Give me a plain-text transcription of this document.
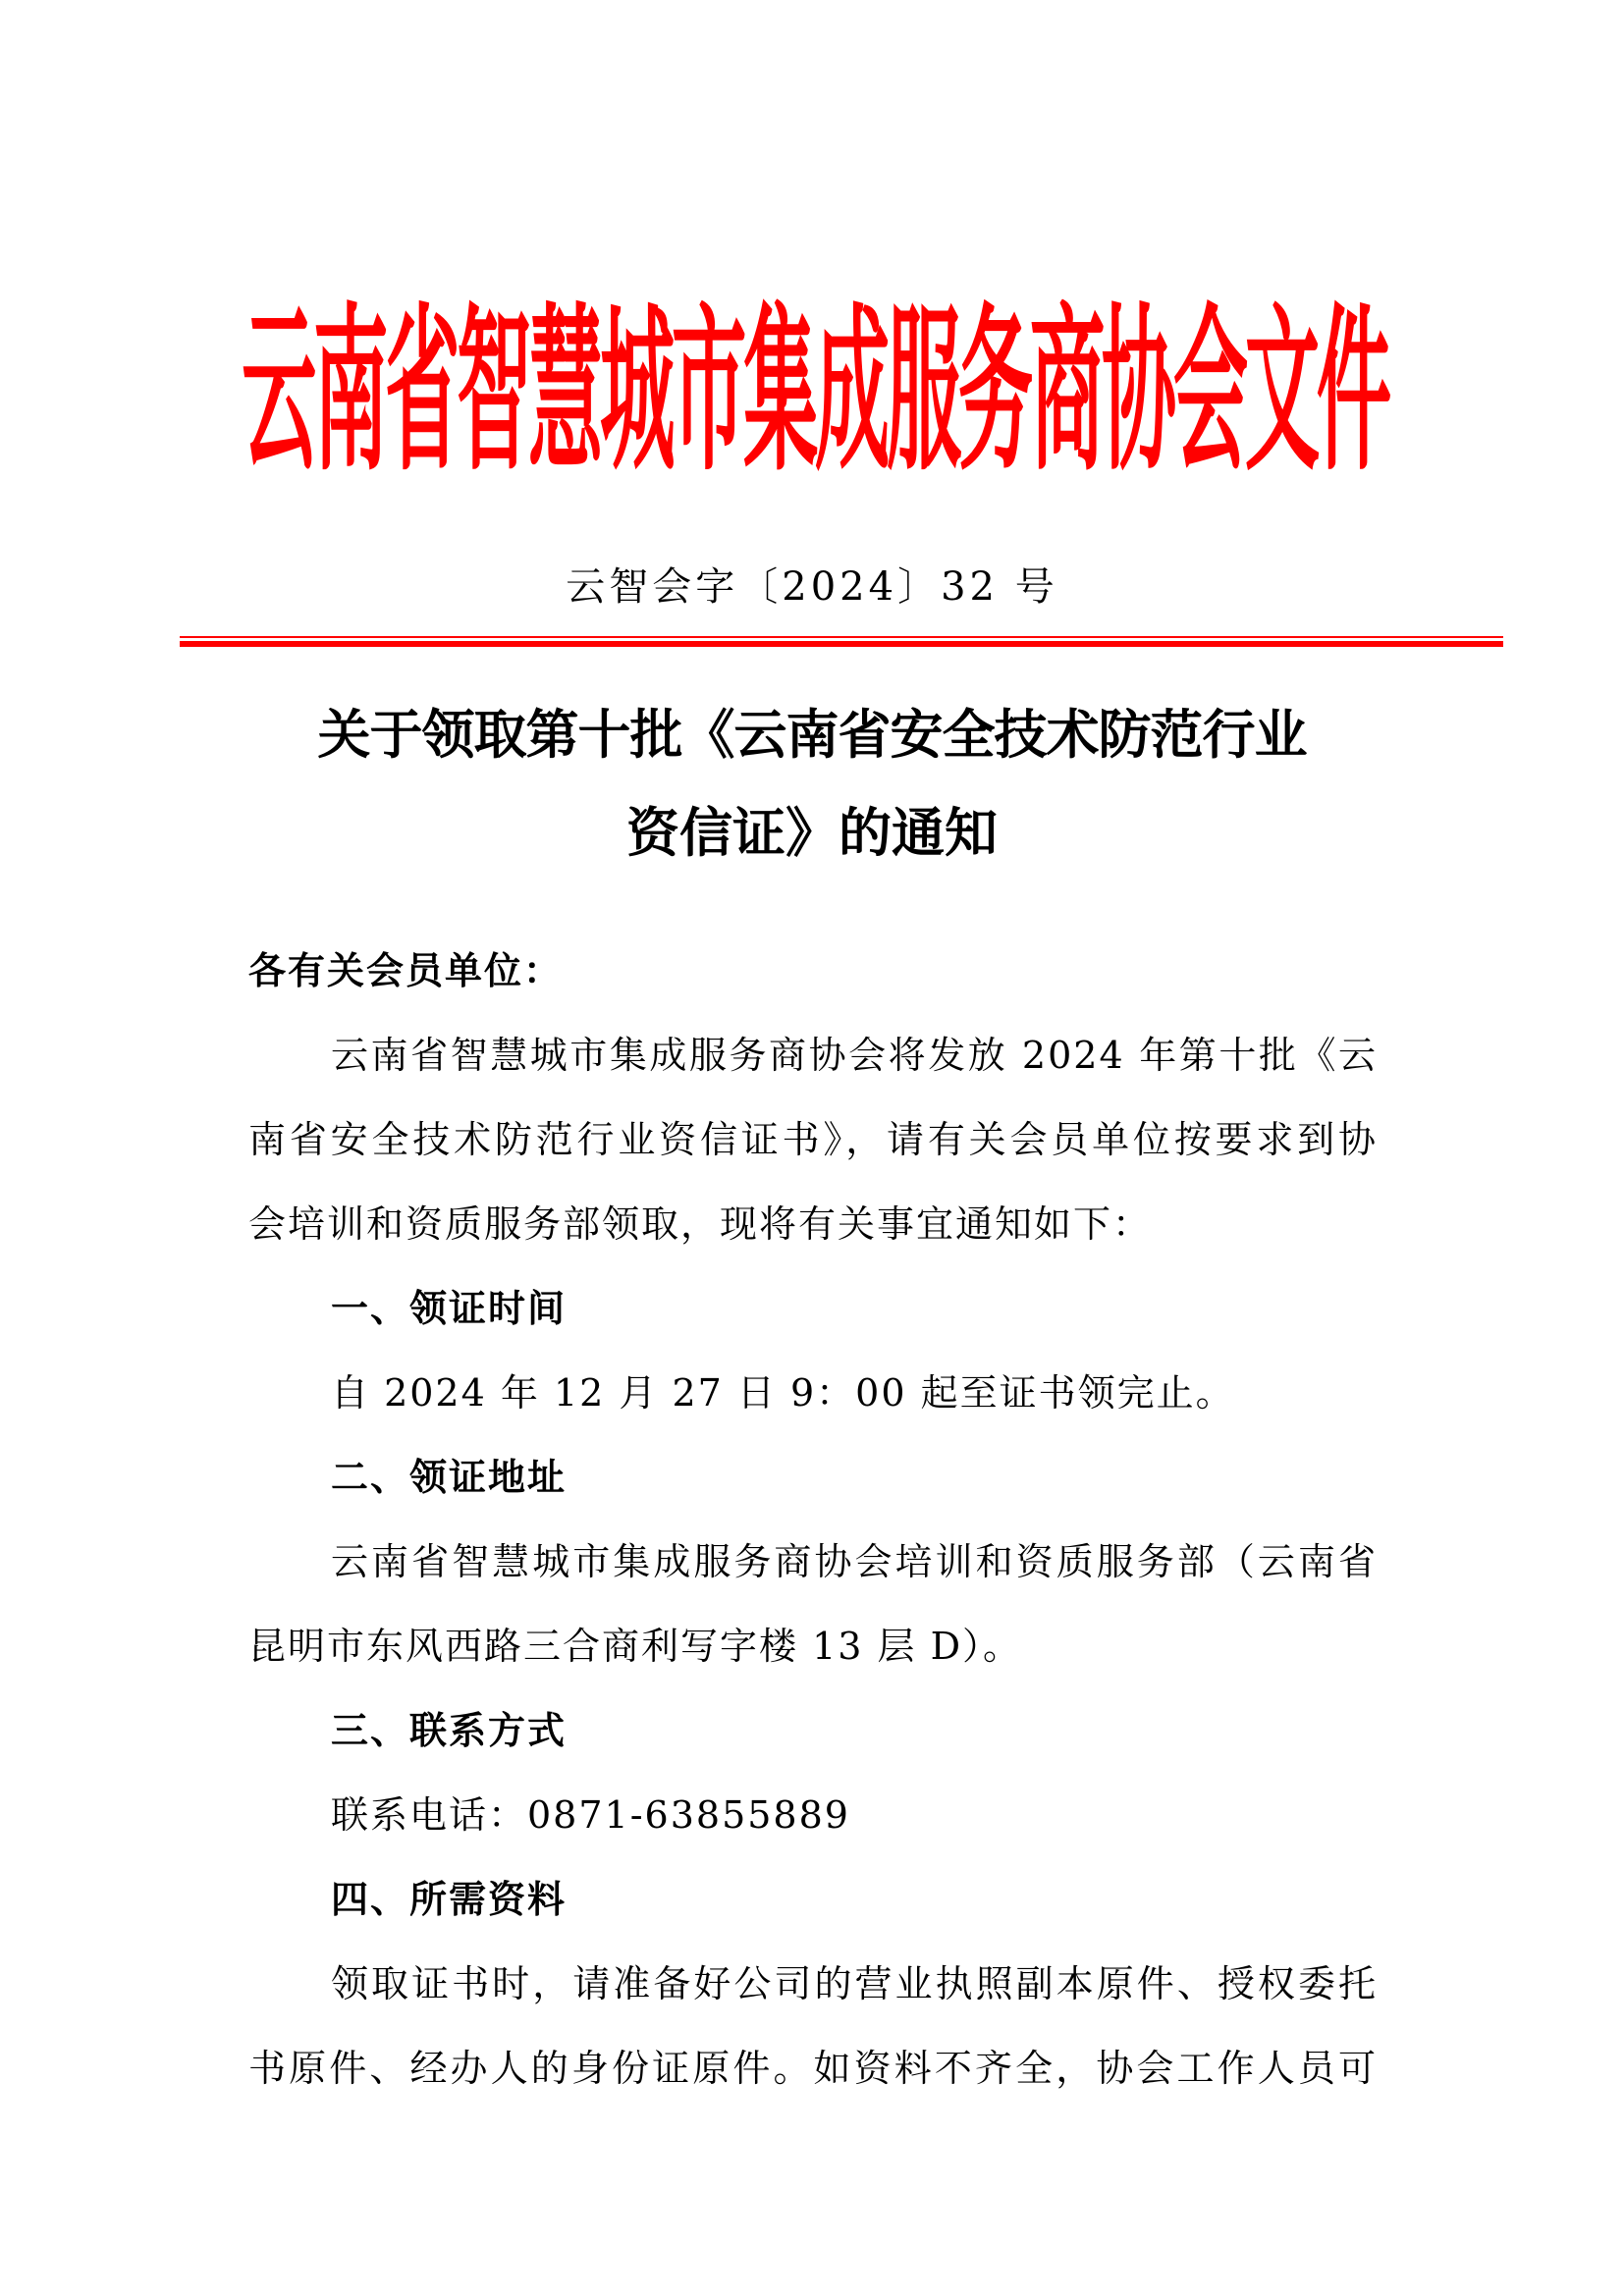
云南省智慧城市集成服务商协会文件
云智会字〔2024〕32 号
关于领取第十批《云南省安全技术防范行业
资信证》的通知
各有关会员单位：
云南省智慧城市集成服务商协会将发放 2024 年第十批《云
南省安全技术防范行业资信证书》，请有关会员单位按要求到协
会培训和资质服务部领取，现将有关事宜通知如下：
一、领证时间
自 2024 年 12 月 27 日 9：00 起至证书领完止。
二、领证地址
云南省智慧城市集成服务商协会培训和资质服务部（云南省
昆明市东风西路三合商利写字楼 13 层 D）。
三、联系方式
联系电话：0871-63855889
四、所需资料
领取证书时，请准备好公司的营业执照副本原件、授权委托
书原件、经办人的身份证原件。如资料不齐全，协会工作人员可
